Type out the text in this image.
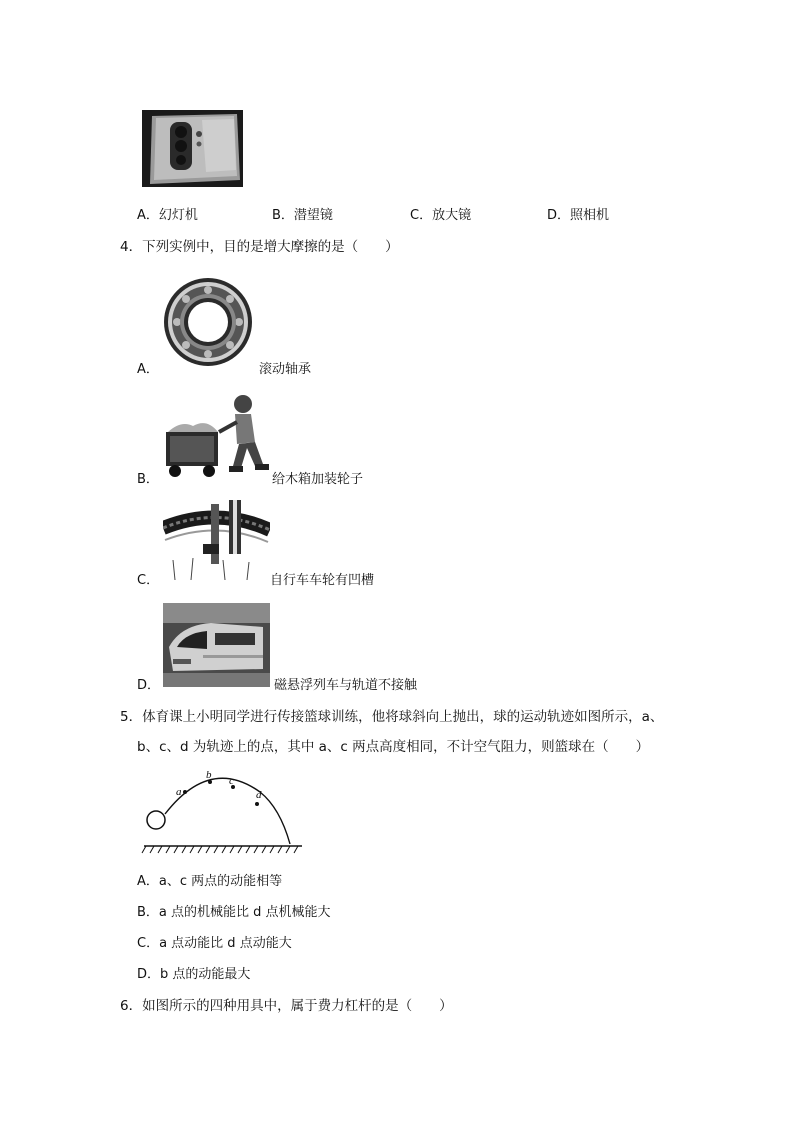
A．幻灯机	B．潜望镜	C．放大镜	D．照相机
4．下列实例中，目的是增大摩擦的是（　　）
A．	滚动轴承
B．	给木箱加装轮子
C．	自行车车轮有凹槽
D．	磁悬浮列车与轨道不接触
5．体育课上小明同学进行传接篮球训练，他将球斜向上抛出，球的运动轨迹如图所示，a、
b、c、d 为轨迹上的点，其中 a、c 两点高度相同，不计空气阻力，则篮球在（　　）
a
b c
d
A．a、c 两点的动能相等
B．a 点的机械能比 d 点机械能大
C．a 点动能比 d 点动能大
D．b 点的动能最大
6．如图所示的四种用具中，属于费力杠杆的是（　　）
